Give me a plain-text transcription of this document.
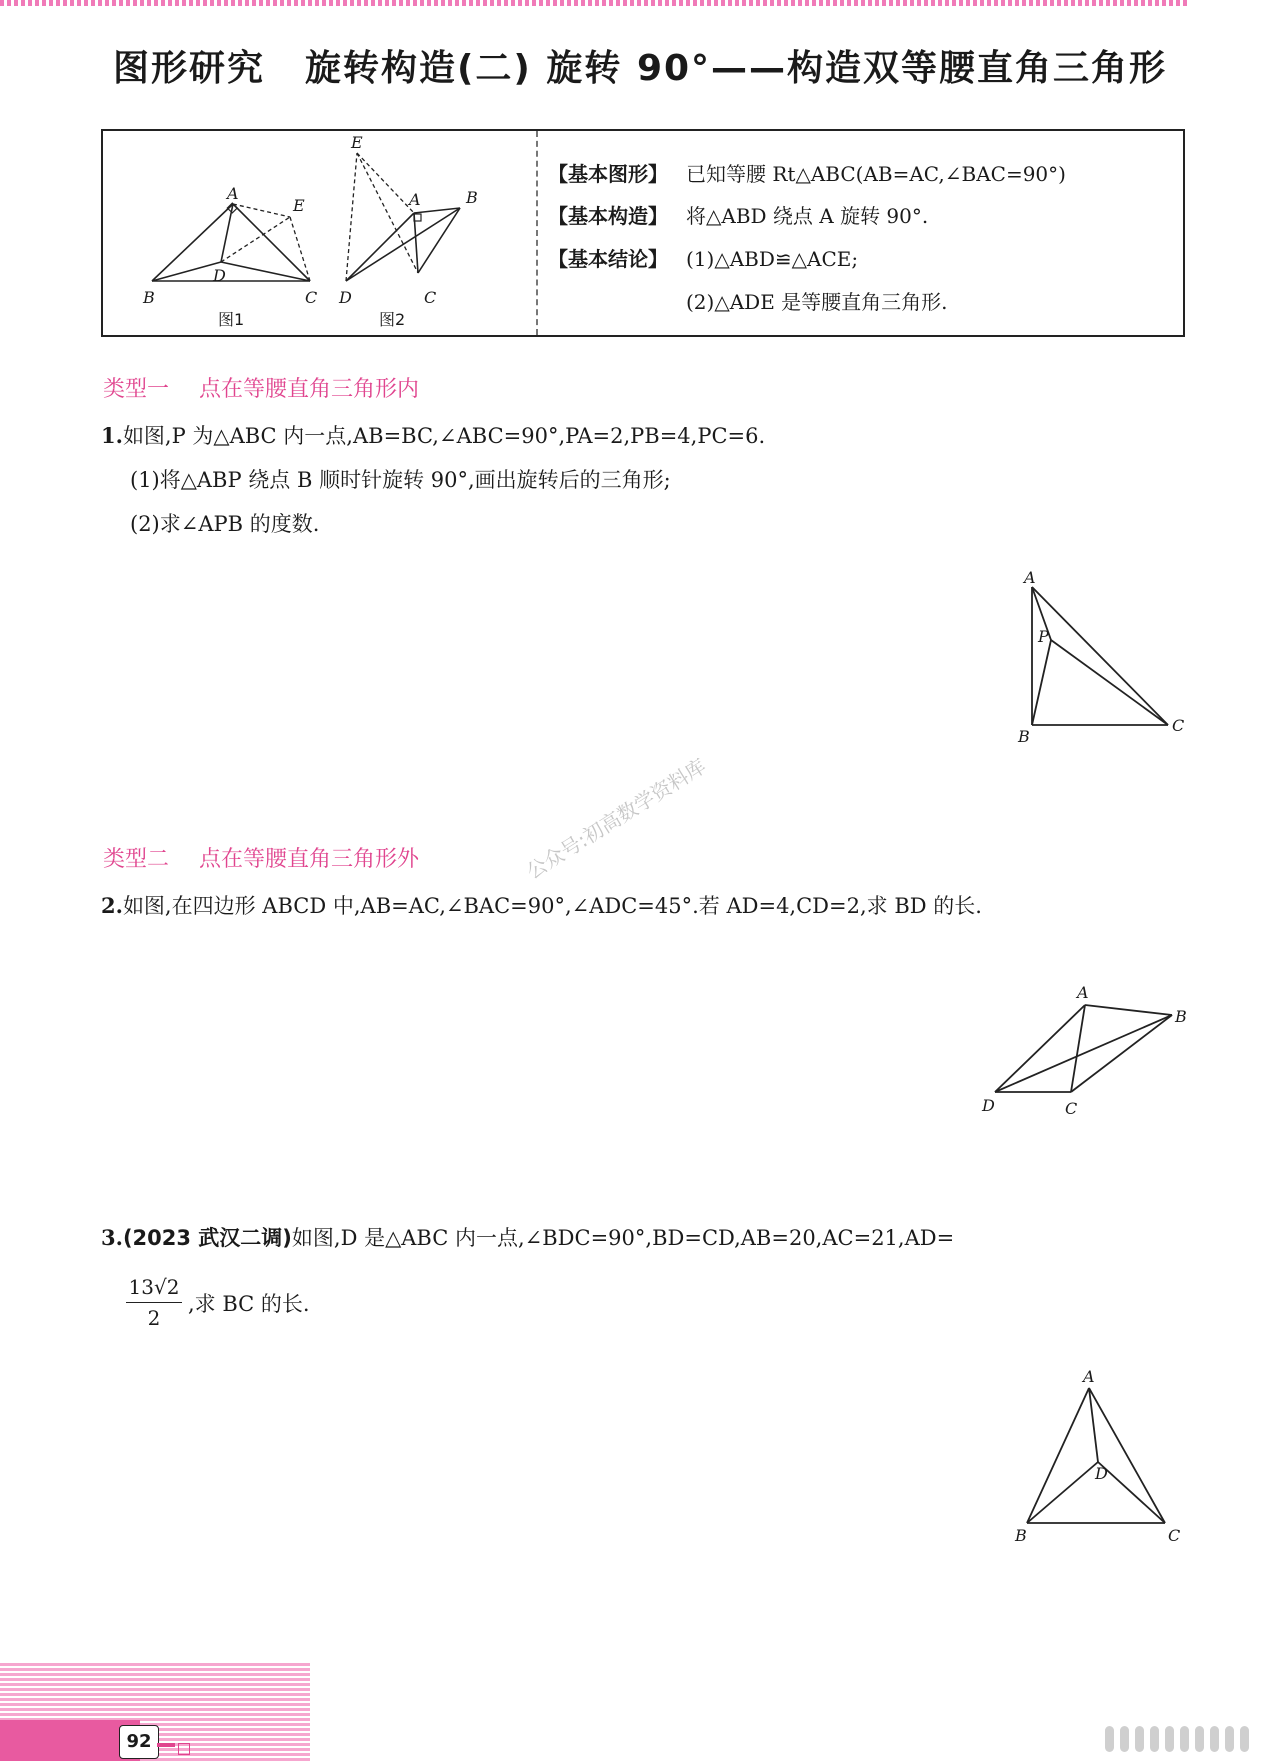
图形研究 旋转构造(二) 旋转 90°——构造双等腰直角三角形
A
E
D
B	C
E
A	B
D	C
图1	图2
【基本图形】 已知等腰 Rt△ABC(AB=AC,∠BAC=90°)
【基本构造】 将△ABD 绕点 A 旋转 90°.
【基本结论】 (1)△ABD≌△ACE;
(2)△ADE 是等腰直角三角形.
类型一 点在等腰直角三角形内
1.如图,P 为△ABC 内一点,AB=BC,∠ABC=90°,PA=2,PB=4,PC=6.
(1)将△ABP 绕点 B 顺时针旋转 90°,画出旋转后的三角形;
(2)求∠APB 的度数.
A
P
B
C
类型二 点在等腰直角三角形外	公众号:初高数学资料库
2.如图,在四边形 ABCD 中,AB=AC,∠BAC=90°,∠ADC=45°.若 AD=4,CD=2,求 BD 的长.
A
B
D	C
3.(2023 武汉二调)如图,D 是△ABC 内一点,∠BDC=90°,BD=CD,AB=20,AC=21,AD=
$\frac{13√2}{2}$ ,求 BC 的长.
A
D
B	C
92
